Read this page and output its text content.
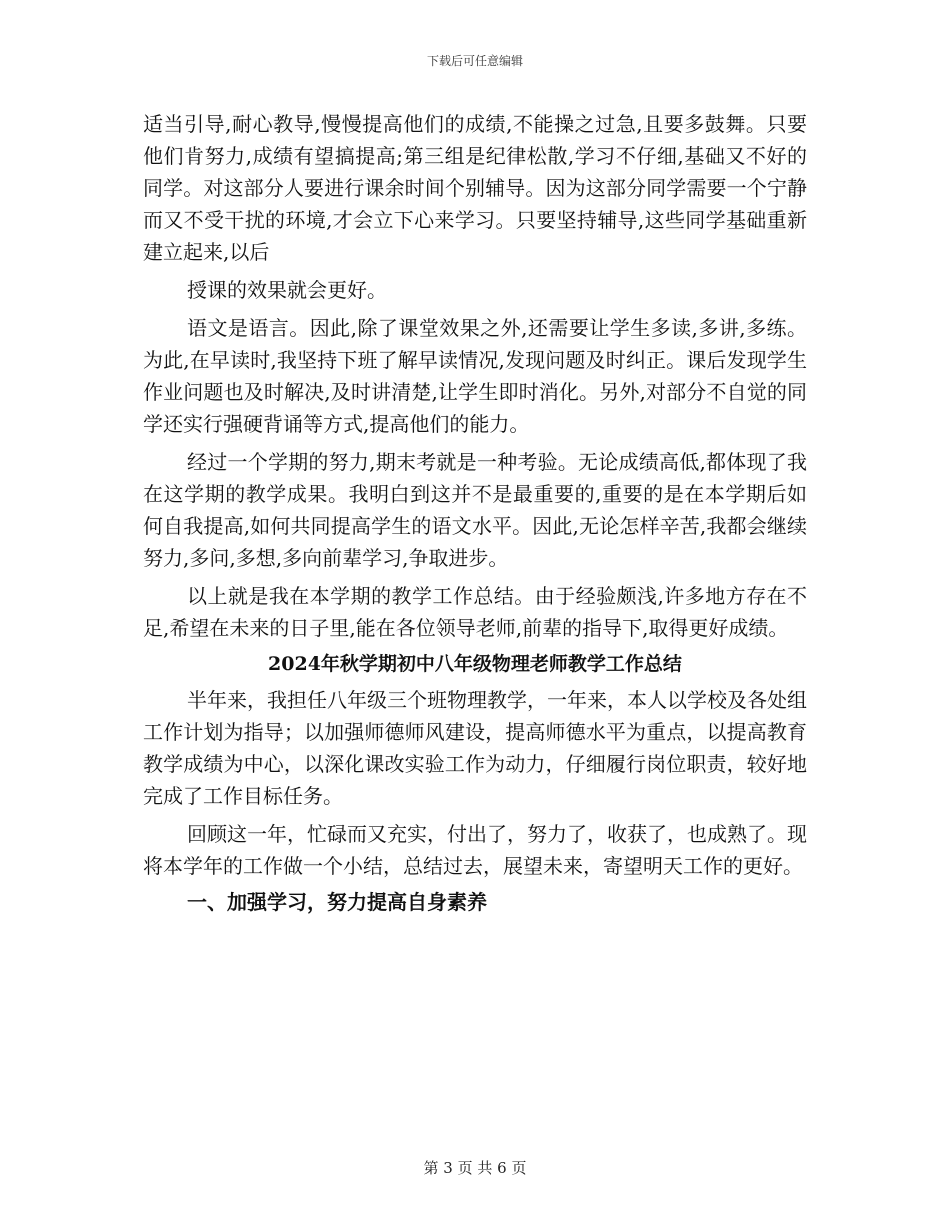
下载后可任意编辑

适当引导,耐心教导,慢慢提高他们的成绩,不能操之过急,且要多鼓舞。只要他们肯努力,成绩有望搞提高;第三组是纪律松散,学习不仔细,基础又不好的同学。对这部分人要进行课余时间个别辅导。因为这部分同学需要一个宁静而又不受干扰的环境,才会立下心来学习。只要坚持辅导,这些同学基础重新建立起来,以后

授课的效果就会更好。

语文是语言。因此,除了课堂效果之外,还需要让学生多读,多讲,多练。为此,在早读时,我坚持下班了解早读情况,发现问题及时纠正。课后发现学生作业问题也及时解决,及时讲清楚,让学生即时消化。另外,对部分不自觉的同学还实行强硬背诵等方式,提高他们的能力。

经过一个学期的努力,期末考就是一种考验。无论成绩高低,都体现了我在这学期的教学成果。我明白到这并不是最重要的,重要的是在本学期后如何自我提高,如何共同提高学生的语文水平。因此,无论怎样辛苦,我都会继续努力,多问,多想,多向前辈学习,争取进步。

以上就是我在本学期的教学工作总结。由于经验颇浅,许多地方存在不足,希望在未来的日子里,能在各位领导老师,前辈的指导下,取得更好成绩。

2024年秋学期初中八年级物理老师教学工作总结

半年来，我担任八年级三个班物理教学，一年来，本人以学校及各处组工作计划为指导；以加强师德师风建设，提高师德水平为重点，以提高教育教学成绩为中心，以深化课改实验工作为动力，仔细履行岗位职责，较好地完成了工作目标任务。

回顾这一年，忙碌而又充实，付出了，努力了，收获了，也成熟了。现将本学年的工作做一个小结，总结过去，展望未来，寄望明天工作的更好。

一、加强学习，努力提高自身素养
第 3 页 共 6 页
